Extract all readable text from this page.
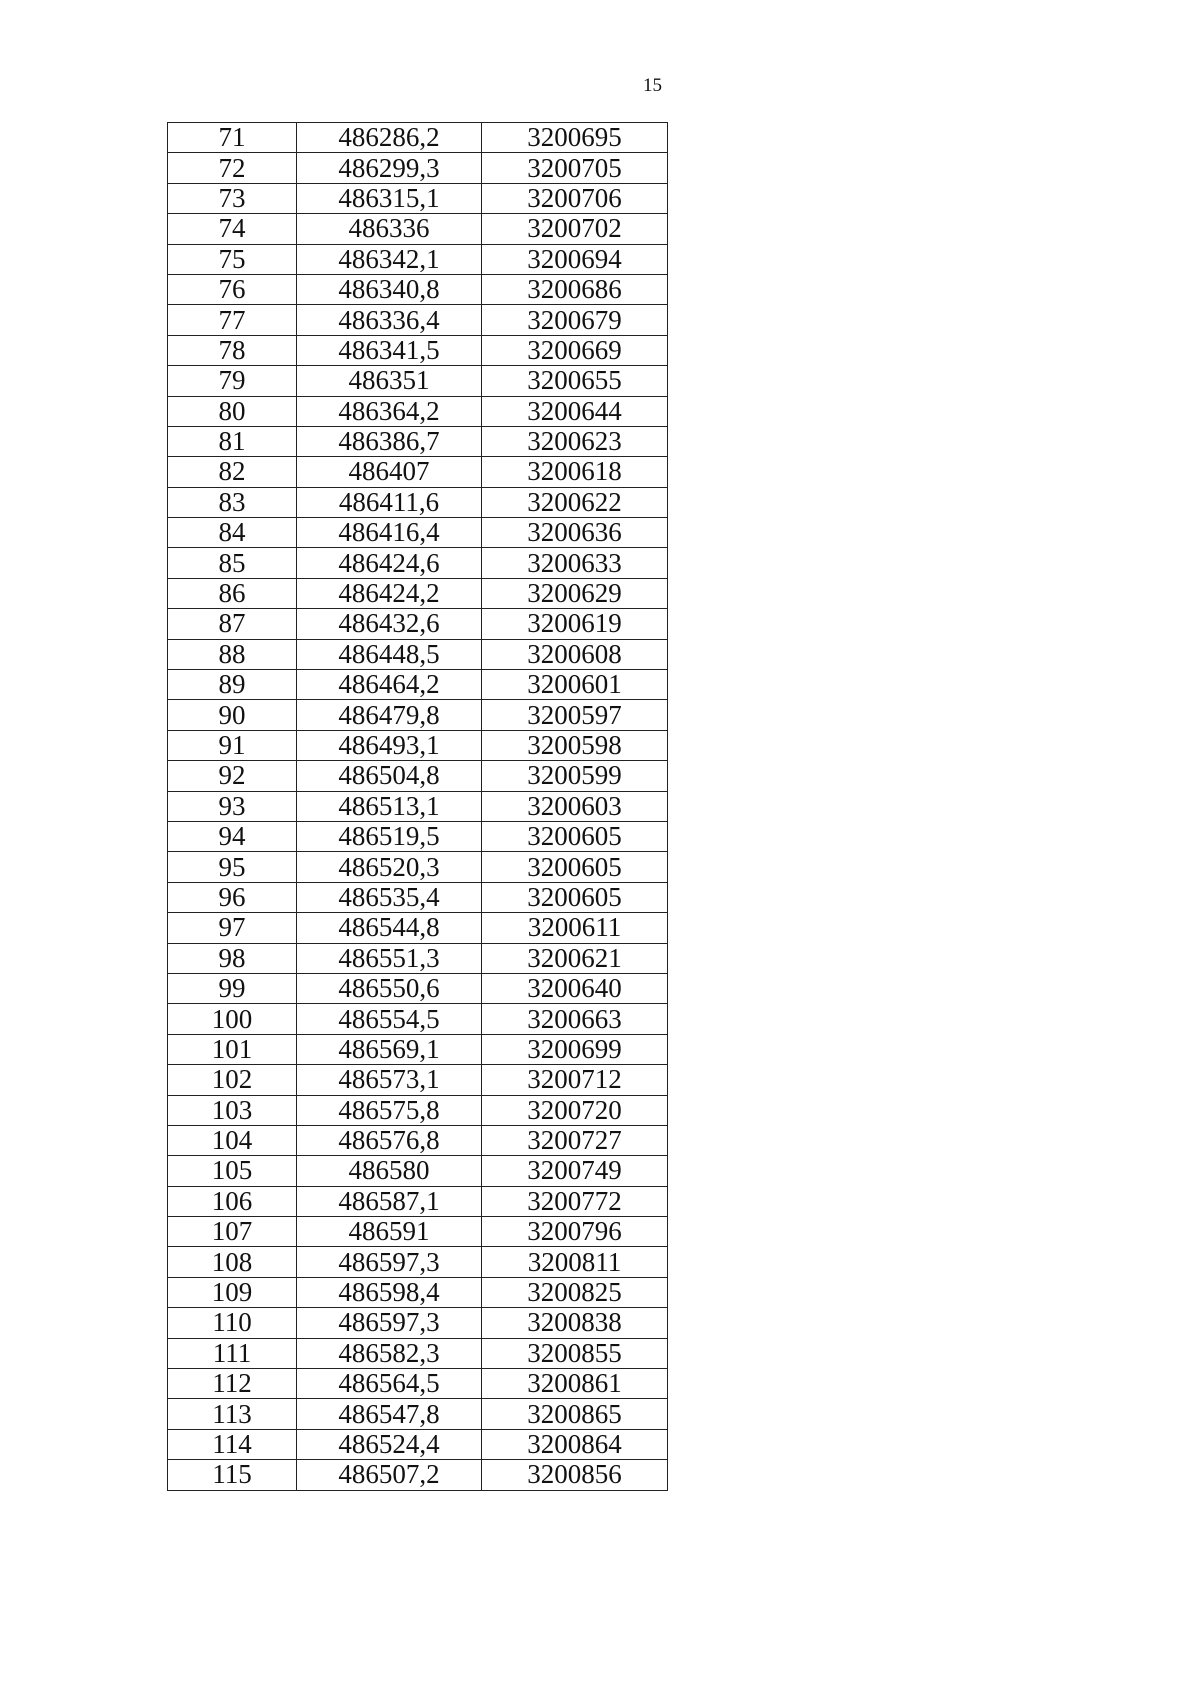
15
71	486286,2	3200695
72	486299,3	3200705
73	486315,1	3200706
74	486336	3200702
75	486342,1	3200694
76	486340,8	3200686
77	486336,4	3200679
78	486341,5	3200669
79	486351	3200655
80	486364,2	3200644
81	486386,7	3200623
82	486407	3200618
83	486411,6	3200622
84	486416,4	3200636
85	486424,6	3200633
86	486424,2	3200629
87	486432,6	3200619
88	486448,5	3200608
89	486464,2	3200601
90	486479,8	3200597
91	486493,1	3200598
92	486504,8	3200599
93	486513,1	3200603
94	486519,5	3200605
95	486520,3	3200605
96	486535,4	3200605
97	486544,8	3200611
98	486551,3	3200621
99	486550,6	3200640
100	486554,5	3200663
101	486569,1	3200699
102	486573,1	3200712
103	486575,8	3200720
104	486576,8	3200727
105	486580	3200749
106	486587,1	3200772
107	486591	3200796
108	486597,3	3200811
109	486598,4	3200825
110	486597,3	3200838
111	486582,3	3200855
112	486564,5	3200861
113	486547,8	3200865
114	486524,4	3200864
115	486507,2	3200856
